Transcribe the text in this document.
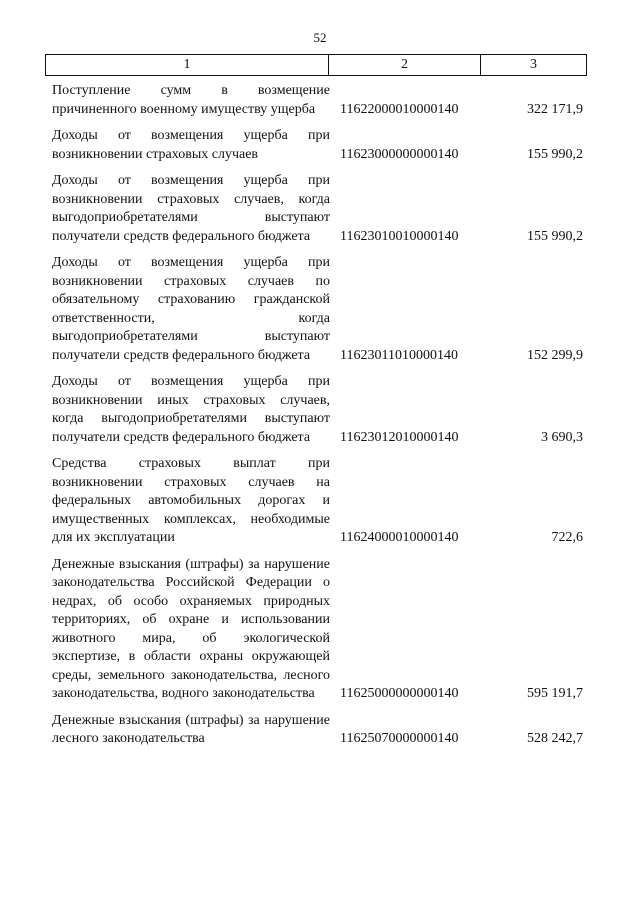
52
1	2	3
Поступление сумм в возмещение причиненного военному имуществу ущерба	11622000010000140	322 171,9
Доходы от возмещения ущерба при возникновении страховых случаев	11623000000000140	155 990,2
Доходы от возмещения ущерба при возникновении страховых случаев, когда выгодоприобретателями выступают получатели средств федерального бюджета	11623010010000140	155 990,2
Доходы от возмещения ущерба при возникновении страховых случаев по обязательному страхованию гражданской ответственности, когда выгодоприобретателями выступают получатели средств федерального бюджета	11623011010000140	152 299,9
Доходы от возмещения ущерба при возникновении иных страховых случаев, когда выгодоприобретателями выступают получатели средств федерального бюджета	11623012010000140	3 690,3
Средства страховых выплат при возникновении страховых случаев на федеральных автомобильных дорогах и имущественных комплексах, необходимые для их эксплуатации	11624000010000140	722,6
Денежные взыскания (штрафы) за нарушение законодательства Российской Федерации о недрах, об особо охраняемых природных территориях, об охране и использовании животного мира, об экологической экспертизе, в области охраны окружающей среды, земельного законодательства, лесного законодательства, водного законодательства	11625000000000140	595 191,7
Денежные взыскания (штрафы) за нарушение лесного законодательства	11625070000000140	528 242,7
